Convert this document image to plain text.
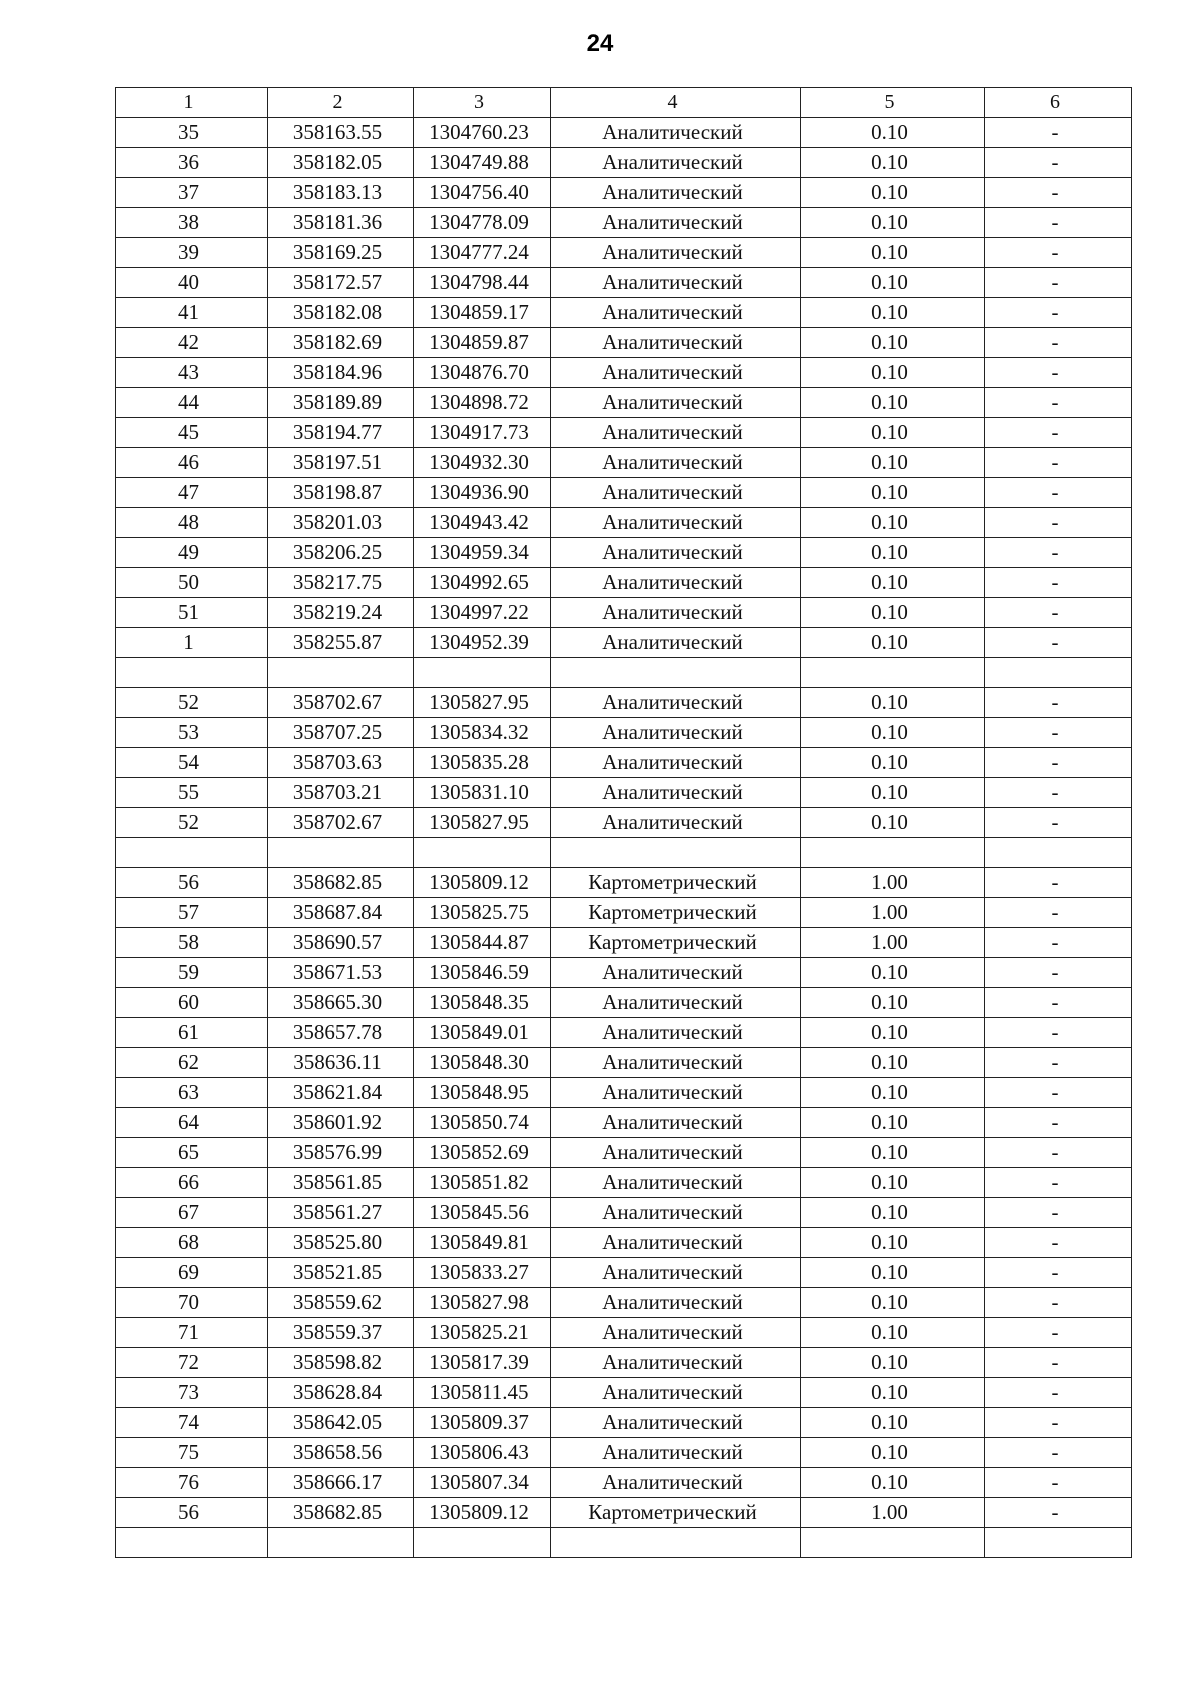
24
1	2	3	4	5	6
35	358163.55	1304760.23	Аналитический	0.10	-
36	358182.05	1304749.88	Аналитический	0.10	-
37	358183.13	1304756.40	Аналитический	0.10	-
38	358181.36	1304778.09	Аналитический	0.10	-
39	358169.25	1304777.24	Аналитический	0.10	-
40	358172.57	1304798.44	Аналитический	0.10	-
41	358182.08	1304859.17	Аналитический	0.10	-
42	358182.69	1304859.87	Аналитический	0.10	-
43	358184.96	1304876.70	Аналитический	0.10	-
44	358189.89	1304898.72	Аналитический	0.10	-
45	358194.77	1304917.73	Аналитический	0.10	-
46	358197.51	1304932.30	Аналитический	0.10	-
47	358198.87	1304936.90	Аналитический	0.10	-
48	358201.03	1304943.42	Аналитический	0.10	-
49	358206.25	1304959.34	Аналитический	0.10	-
50	358217.75	1304992.65	Аналитический	0.10	-
51	358219.24	1304997.22	Аналитический	0.10	-
1	358255.87	1304952.39	Аналитический	0.10	-

52	358702.67	1305827.95	Аналитический	0.10	-
53	358707.25	1305834.32	Аналитический	0.10	-
54	358703.63	1305835.28	Аналитический	0.10	-
55	358703.21	1305831.10	Аналитический	0.10	-
52	358702.67	1305827.95	Аналитический	0.10	-

56	358682.85	1305809.12	Картометрический	1.00	-
57	358687.84	1305825.75	Картометрический	1.00	-
58	358690.57	1305844.87	Картометрический	1.00	-
59	358671.53	1305846.59	Аналитический	0.10	-
60	358665.30	1305848.35	Аналитический	0.10	-
61	358657.78	1305849.01	Аналитический	0.10	-
62	358636.11	1305848.30	Аналитический	0.10	-
63	358621.84	1305848.95	Аналитический	0.10	-
64	358601.92	1305850.74	Аналитический	0.10	-
65	358576.99	1305852.69	Аналитический	0.10	-
66	358561.85	1305851.82	Аналитический	0.10	-
67	358561.27	1305845.56	Аналитический	0.10	-
68	358525.80	1305849.81	Аналитический	0.10	-
69	358521.85	1305833.27	Аналитический	0.10	-
70	358559.62	1305827.98	Аналитический	0.10	-
71	358559.37	1305825.21	Аналитический	0.10	-
72	358598.82	1305817.39	Аналитический	0.10	-
73	358628.84	1305811.45	Аналитический	0.10	-
74	358642.05	1305809.37	Аналитический	0.10	-
75	358658.56	1305806.43	Аналитический	0.10	-
76	358666.17	1305807.34	Аналитический	0.10	-
56	358682.85	1305809.12	Картометрический	1.00	-
